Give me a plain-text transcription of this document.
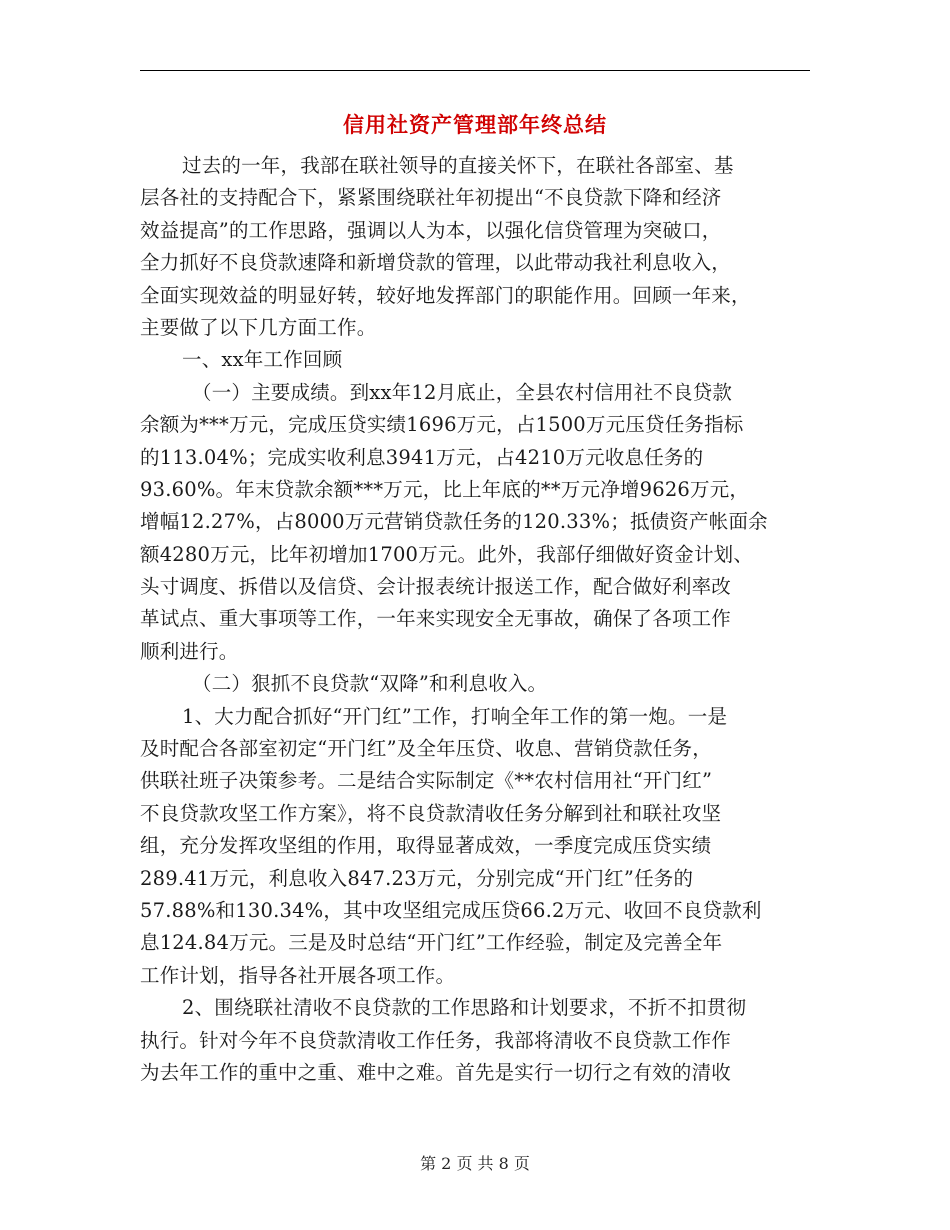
信用社资产管理部年终总结
过去的一年，我部在联社领导的直接关怀下，在联社各部室、基
层各社的支持配合下，紧紧围绕联社年初提出“不良贷款下降和经济
效益提高”的工作思路，强调以人为本，以强化信贷管理为突破口，
全力抓好不良贷款速降和新增贷款的管理，以此带动我社利息收入，
全面实现效益的明显好转，较好地发挥部门的职能作用。回顾一年来，
主要做了以下几方面工作。
一、xx年工作回顾
（一）主要成绩。到xx年12月底止，全县农村信用社不良贷款
余额为***万元，完成压贷实绩1696万元，占1500万元压贷任务指标
的113.04%；完成实收利息3941万元，占4210万元收息任务的
93.60%。年末贷款余额***万元，比上年底的**万元净增9626万元，
增幅12.27%，占8000万元营销贷款任务的120.33%；抵债资产帐面余
额4280万元，比年初增加1700万元。此外，我部仔细做好资金计划、
头寸调度、拆借以及信贷、会计报表统计报送工作，配合做好利率改
革试点、重大事项等工作，一年来实现安全无事故，确保了各项工作
顺利进行。
（二）狠抓不良贷款“双降”和利息收入。
1、大力配合抓好“开门红”工作，打响全年工作的第一炮。一是
及时配合各部室初定“开门红”及全年压贷、收息、营销贷款任务，
供联社班子决策参考。二是结合实际制定《**农村信用社“开门红”
不良贷款攻坚工作方案》，将不良贷款清收任务分解到社和联社攻坚
组，充分发挥攻坚组的作用，取得显著成效，一季度完成压贷实绩
289.41万元，利息收入847.23万元，分别完成“开门红”任务的
57.88%和130.34%，其中攻坚组完成压贷66.2万元、收回不良贷款利
息124.84万元。三是及时总结“开门红”工作经验，制定及完善全年
工作计划，指导各社开展各项工作。
2、围绕联社清收不良贷款的工作思路和计划要求，不折不扣贯彻
执行。针对今年不良贷款清收工作任务，我部将清收不良贷款工作作
为去年工作的重中之重、难中之难。首先是实行一切行之有效的清收
第 2 页 共 8 页
